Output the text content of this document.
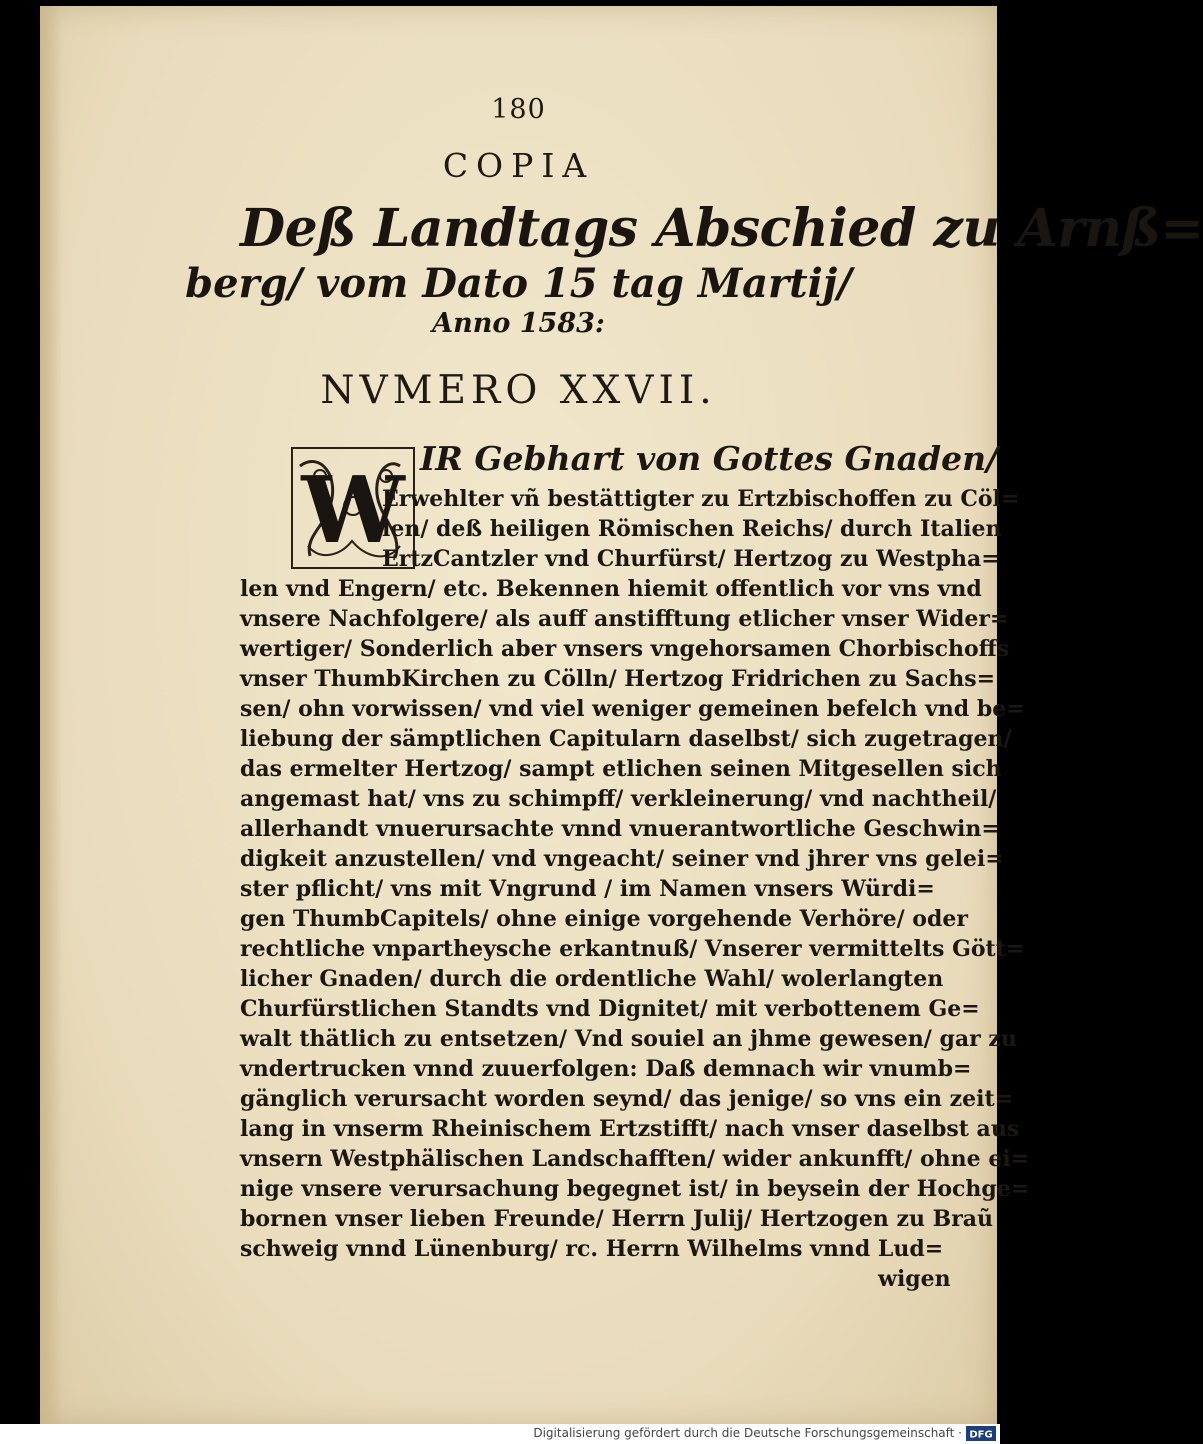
180
COPIA
Deß Landtags Abschied zu Arnß=
berg/ vom Dato 15 tag Martij/
Anno 1583:
NVMERO XXVII.
W IR Gebhart von Gottes Gnaden/
Erwehlter vñ bestättigter zu Ertzbischoffen zu Cöl=
len/ deß heiligen Römischen Reichs/ durch Italien
ErtzCantzler vnd Churfürst/ Hertzog zu Westpha=
len vnd Engern/ etc. Bekennen hiemit offentlich vor vns vnd
vnsere Nachfolgere/ als auff anstifftung etlicher vnser Wider=
wertiger/ Sonderlich aber vnsers vngehorsamen Chorbischoffs
vnser ThumbKirchen zu Cölln/ Hertzog Fridrichen zu Sachs=
sen/ ohn vorwissen/ vnd viel weniger gemeinen befelch vnd be=
liebung der sämptlichen Capitularn daselbst/ sich zugetragen/
das ermelter Hertzog/ sampt etlichen seinen Mitgesellen sich
angemast hat/ vns zu schimpff/ verkleinerung/ vnd nachtheil/
allerhandt vnuerursachte vnnd vnuerantwortliche Geschwin=
digkeit anzustellen/ vnd vngeacht/ seiner vnd jhrer vns gelei=
ster pflicht/ vns mit Vngrund / im Namen vnsers Würdi=
gen ThumbCapitels/ ohne einige vorgehende Verhöre/ oder
rechtliche vnpartheysche erkantnuß/ Vnserer vermittelts Gött=
licher Gnaden/ durch die ordentliche Wahl/ wolerlangten
Churfürstlichen Standts vnd Dignitet/ mit verbottenem Ge=
walt thätlich zu entsetzen/ Vnd souiel an jhme gewesen/ gar zu
vndertrucken vnnd zuuerfolgen: Daß demnach wir vnumb=
gänglich verursacht worden seynd/ das jenige/ so vns ein zeit=
lang in vnserm Rheinischem Ertzstifft/ nach vnser daselbst aus
vnsern Westphälischen Landschafften/ wider ankunfft/ ohne ei=
nige vnsere verursachung begegnet ist/ in beysein der Hochge=
bornen vnser lieben Freunde/ Herrn Julij/ Hertzogen zu Braũ
schweig vnnd Lünenburg/ rc. Herrn Wilhelms vnnd Lud=
wigen
Digitalisierung gefördert durch die Deutsche Forschungsgemeinschaft · DFG
